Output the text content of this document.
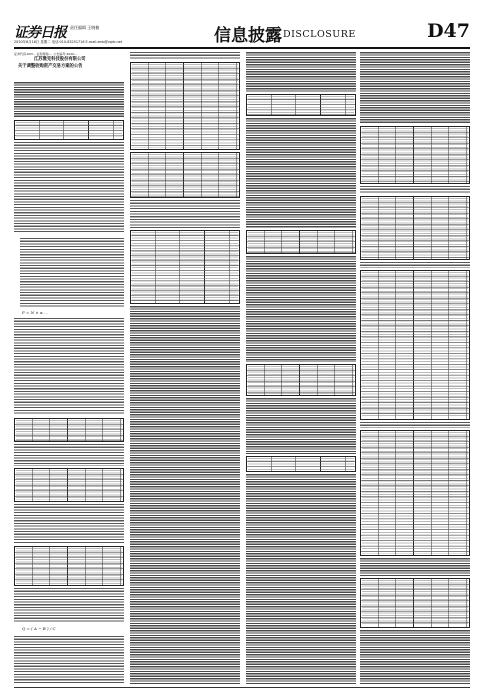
证券日报 责任编辑 王晓楠
2020年6月16日 星期二 电话:010-83251716 E-mail:zmb@zqrb.net	信息披露 DISCLOSURE	D47
证券代码:603... 证券简称:... 公告编号:2020-...
江苏雅克科技股份有限公司
关于调整收购资产交易方案的公告
P = N × α ...
Q = ( A − B ) / C
